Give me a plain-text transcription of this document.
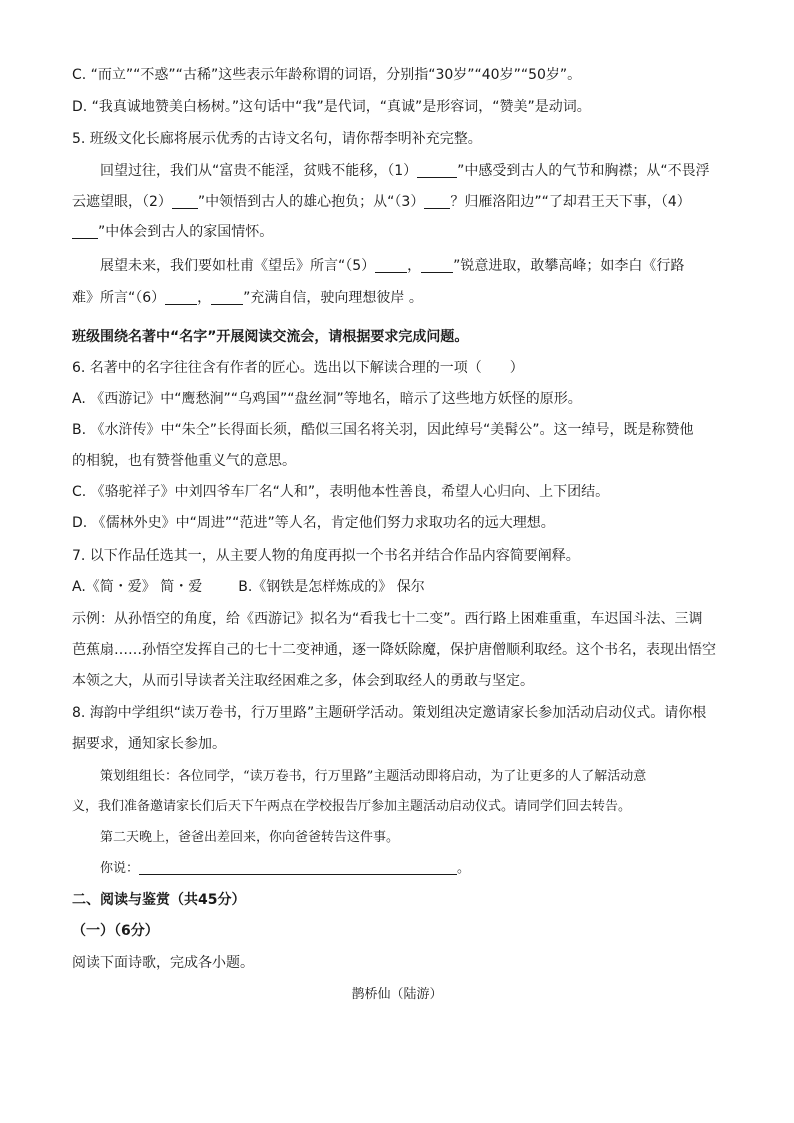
C. “而立”“不惑”“古稀”这些表示年龄称谓的词语，分别指“30岁”“40岁”“50岁”。
D. “我真诚地赞美白杨树。”这句话中“我”是代词，“真诚”是形容词，“赞美”是动词。
5. 班级文化长廊将展示优秀的古诗文名句，请你帮李明补充完整。
回望过往，我们从“富贵不能淫，贫贱不能移，（1）	”中感受到古人的气节和胸襟；从“不畏浮
云遮望眼，（2） ”中领悟到古人的雄心抱负；从“（3） ？归雁洛阳边”“了却君王天下事，（4）
”中体会到古人的家国情怀。
展望未来，我们要如杜甫《望岳》所言“（5） ， ”锐意进取，敢攀高峰；如李白《行路
难》所言“（6） ， ”充满自信，驶向理想彼岸 。
班级围绕名著中“名字”开展阅读交流会，请根据要求完成问题。
6. 名著中的名字往往含有作者的匠心。选出以下解读合理的一项（　　）
A. 《西游记》中“鹰愁涧”“乌鸡国”“盘丝洞”等地名，暗示了这些地方妖怪的原形。
B. 《水浒传》中“朱仝”长得面长须，酷似三国名将关羽，因此绰号“美髯公”。这一绰号，既是称赞他
的相貌，也有赞誉他重义气的意思。
C. 《骆驼祥子》中刘四爷车厂名“人和”，表明他本性善良，希望人心归向、上下团结。
D. 《儒林外史》中“周进”“范进”等人名，肯定他们努力求取功名的远大理想。
7. 以下作品任选其一，从主要人物的角度再拟一个书名并结合作品内容简要阐释。
A.《简・爱》 简・爱	B.《钢铁是怎样炼成的》 保尔
示例：从孙悟空的角度，给《西游记》拟名为“看我七十二变”。西行路上困难重重，车迟国斗法、三调
芭蕉扇……孙悟空发挥自己的七十二变神通，逐一降妖除魔，保护唐僧顺利取经。这个书名，表现出悟空
本领之大，从而引导读者关注取经困难之多，体会到取经人的勇敢与坚定。
8. 海韵中学组织“读万卷书，行万里路”主题研学活动。策划组决定邀请家长参加活动启动仪式。请你根
据要求，通知家长参加。
策划组组长：各位同学，“读万卷书，行万里路”主题活动即将启动，为了让更多的人了解活动意
义，我们准备邀请家长们后天下午两点在学校报告厅参加主题活动启动仪式。请同学们回去转告。
第二天晚上，爸爸出差回来，你向爸爸转告这件事。
你说：	。
二、阅读与鉴赏（共45分）
（一）（6分）
阅读下面诗歌，完成各小题。
鹊桥仙（陆游）
